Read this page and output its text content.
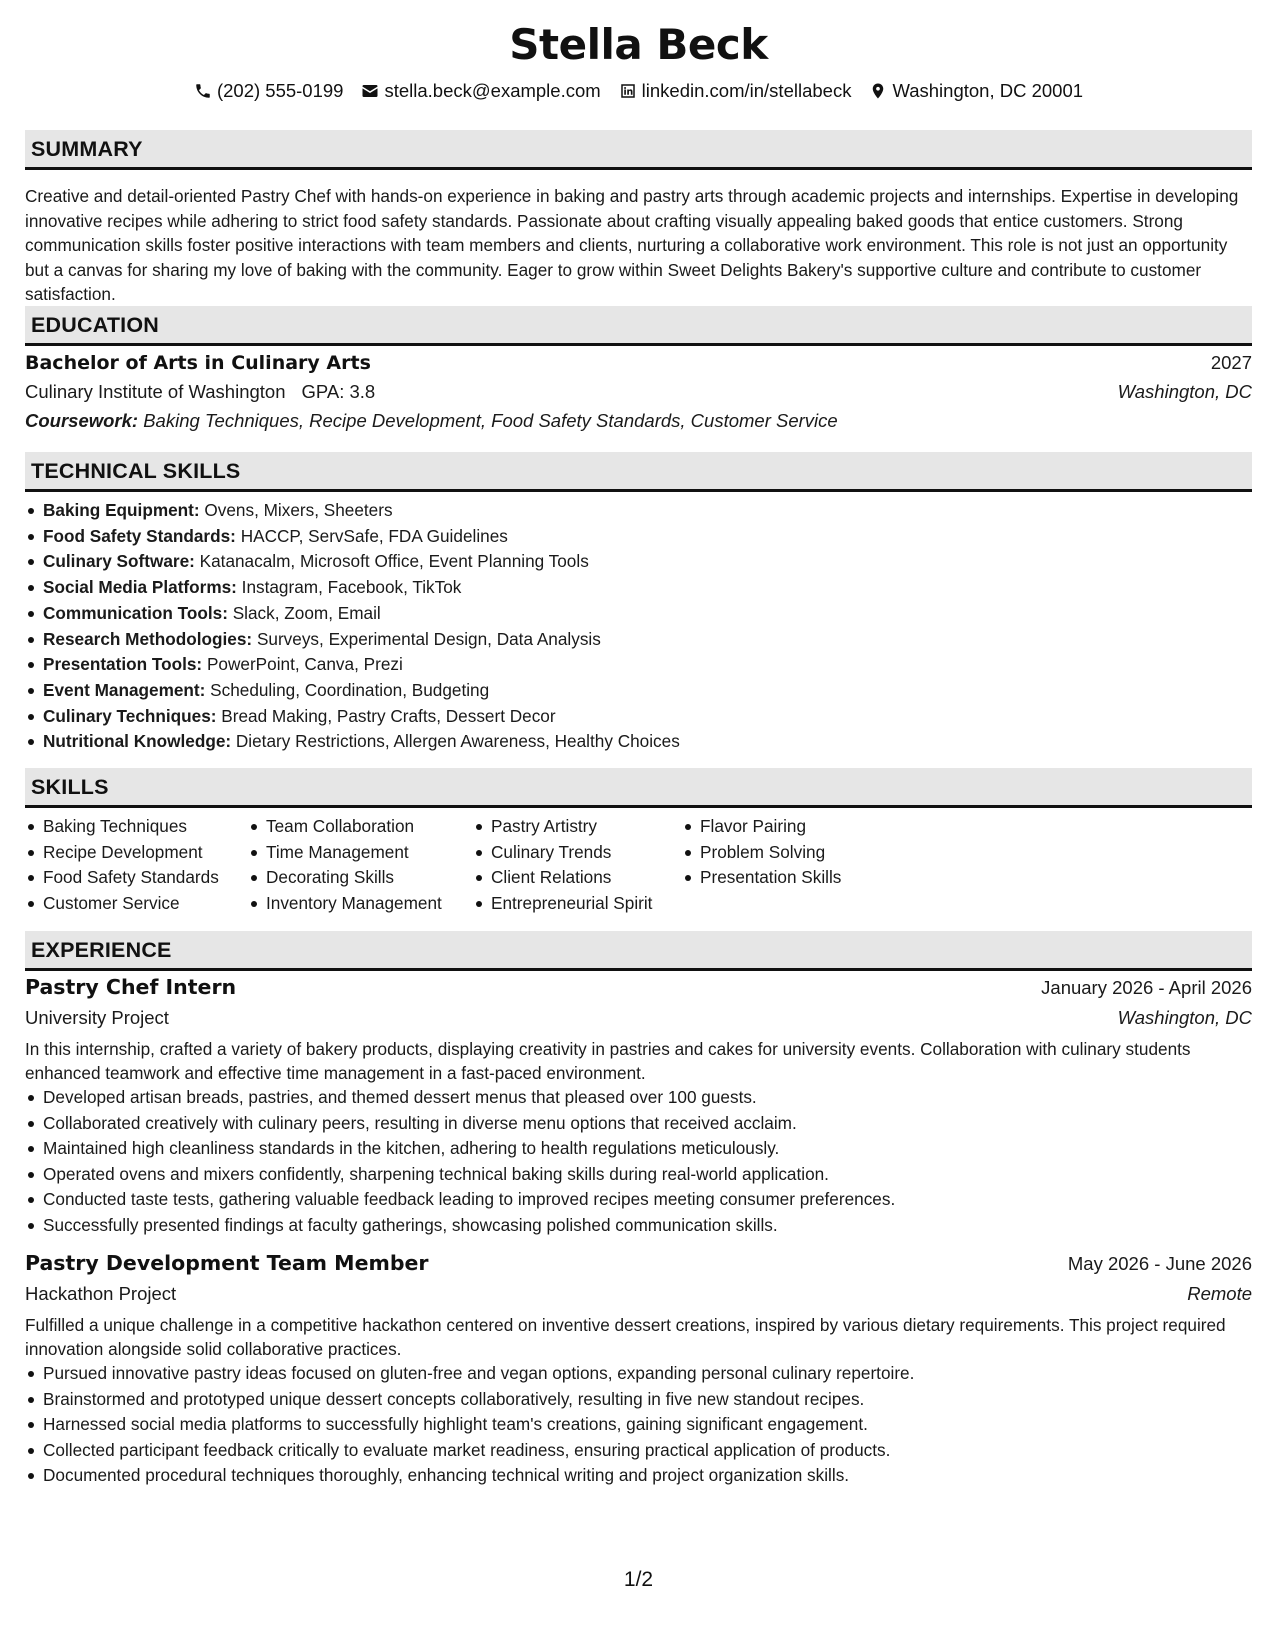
Stella Beck
(202) 555-0199 stella.beck@example.com linkedin.com/in/stellabeck Washington, DC 20001
SUMMARY
Creative and detail-oriented Pastry Chef with hands-on experience in baking and pastry arts through academic projects and internships. Expertise in developing innovative recipes while adhering to strict food safety standards. Passionate about crafting visually appealing baked goods that entice customers. Strong communication skills foster positive interactions with team members and clients, nurturing a collaborative work environment. This role is not just an opportunity but a canvas for sharing my love of baking with the community. Eager to grow within Sweet Delights Bakery's supportive culture and contribute to customer satisfaction.
EDUCATION
Bachelor of Arts in Culinary Arts	2027
Culinary Institute of Washington GPA: 3.8	Washington, DC
Coursework: Baking Techniques, Recipe Development, Food Safety Standards, Customer Service
TECHNICAL SKILLS
Baking Equipment: Ovens, Mixers, Sheeters
Food Safety Standards: HACCP, ServSafe, FDA Guidelines
Culinary Software: Katanacalm, Microsoft Office, Event Planning Tools
Social Media Platforms: Instagram, Facebook, TikTok
Communication Tools: Slack, Zoom, Email
Research Methodologies: Surveys, Experimental Design, Data Analysis
Presentation Tools: PowerPoint, Canva, Prezi
Event Management: Scheduling, Coordination, Budgeting
Culinary Techniques: Bread Making, Pastry Crafts, Dessert Decor
Nutritional Knowledge: Dietary Restrictions, Allergen Awareness, Healthy Choices
SKILLS
Baking Techniques
Recipe Development
Food Safety Standards
Customer Service
Team Collaboration
Time Management
Decorating Skills
Inventory Management
Pastry Artistry
Culinary Trends
Client Relations
Entrepreneurial Spirit
Flavor Pairing
Problem Solving
Presentation Skills
EXPERIENCE
Pastry Chef Intern	January 2026 - April 2026
University Project	Washington, DC
In this internship, crafted a variety of bakery products, displaying creativity in pastries and cakes for university events. Collaboration with culinary students enhanced teamwork and effective time management in a fast-paced environment.
Developed artisan breads, pastries, and themed dessert menus that pleased over 100 guests.
Collaborated creatively with culinary peers, resulting in diverse menu options that received acclaim.
Maintained high cleanliness standards in the kitchen, adhering to health regulations meticulously.
Operated ovens and mixers confidently, sharpening technical baking skills during real-world application.
Conducted taste tests, gathering valuable feedback leading to improved recipes meeting consumer preferences.
Successfully presented findings at faculty gatherings, showcasing polished communication skills.
Pastry Development Team Member	May 2026 - June 2026
Hackathon Project	Remote
Fulfilled a unique challenge in a competitive hackathon centered on inventive dessert creations, inspired by various dietary requirements. This project required innovation alongside solid collaborative practices.
Pursued innovative pastry ideas focused on gluten-free and vegan options, expanding personal culinary repertoire.
Brainstormed and prototyped unique dessert concepts collaboratively, resulting in five new standout recipes.
Harnessed social media platforms to successfully highlight team's creations, gaining significant engagement.
Collected participant feedback critically to evaluate market readiness, ensuring practical application of products.
Documented procedural techniques thoroughly, enhancing technical writing and project organization skills.
1/2
